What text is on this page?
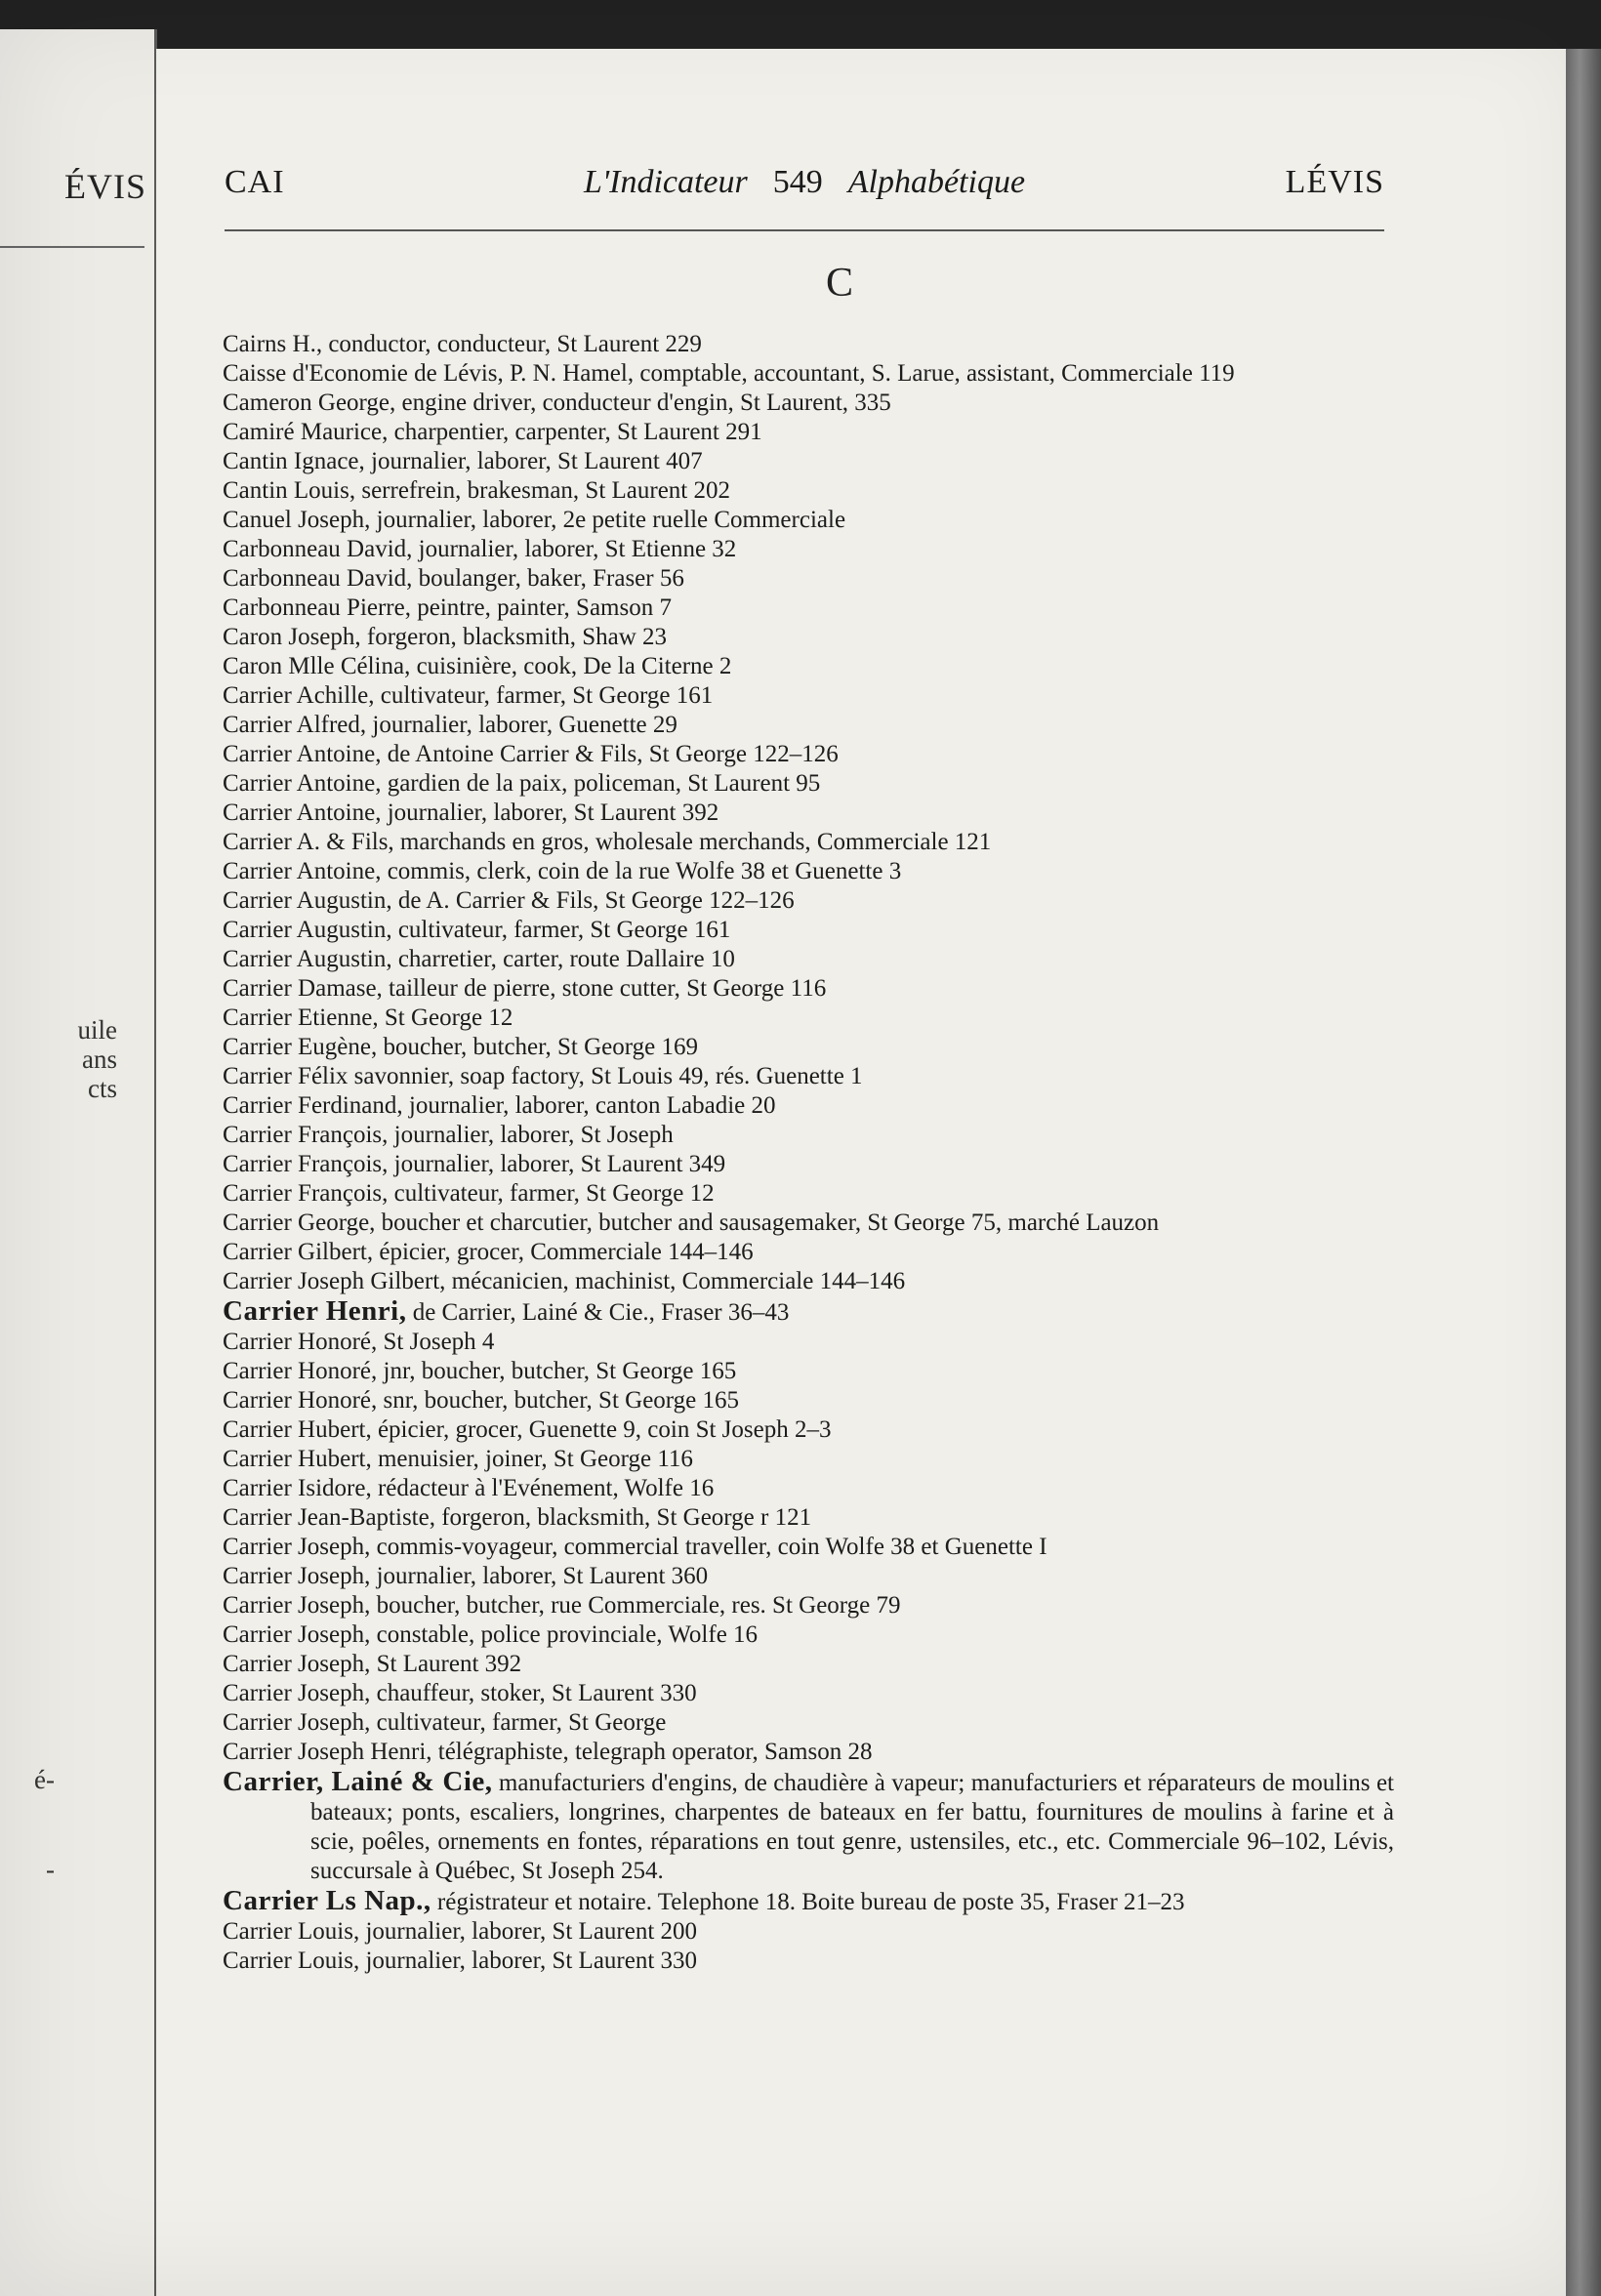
ÉVIS
uile
ans
cts
é-
-
CAI	L'Indicateur 549 Alphabétique	LÉVIS
C

Cairns H., conductor, conducteur, St Laurent 229

Caisse d'Economie de Lévis, P. N. Hamel, comptable, accountant, S. Larue, assistant, Commerciale 119

Cameron George, engine driver, conducteur d'engin, St Laurent, 335

Camiré Maurice, charpentier, carpenter, St Laurent 291

Cantin Ignace, journalier, laborer, St Laurent 407

Cantin Louis, serrefrein, brakesman, St Laurent 202

Canuel Joseph, journalier, laborer, 2e petite ruelle Commerciale

Carbonneau David, journalier, laborer, St Etienne 32

Carbonneau David, boulanger, baker, Fraser 56

Carbonneau Pierre, peintre, painter, Samson 7

Caron Joseph, forgeron, blacksmith, Shaw 23

Caron Mlle Célina, cuisinière, cook, De la Citerne 2

Carrier Achille, cultivateur, farmer, St George 161

Carrier Alfred, journalier, laborer, Guenette 29

Carrier Antoine, de Antoine Carrier & Fils, St George 122–126

Carrier Antoine, gardien de la paix, policeman, St Laurent 95

Carrier Antoine, journalier, laborer, St Laurent 392

Carrier A. & Fils, marchands en gros, wholesale merchands, Commerciale 121

Carrier Antoine, commis, clerk, coin de la rue Wolfe 38 et Guenette 3

Carrier Augustin, de A. Carrier & Fils, St George 122–126

Carrier Augustin, cultivateur, farmer, St George 161

Carrier Augustin, charretier, carter, route Dallaire 10

Carrier Damase, tailleur de pierre, stone cutter, St George 116

Carrier Etienne, St George 12

Carrier Eugène, boucher, butcher, St George 169

Carrier Félix savonnier, soap factory, St Louis 49, rés. Guenette 1

Carrier Ferdinand, journalier, laborer, canton Labadie 20

Carrier François, journalier, laborer, St Joseph

Carrier François, journalier, laborer, St Laurent 349

Carrier François, cultivateur, farmer, St George 12

Carrier George, boucher et charcutier, butcher and sausagemaker, St George 75, marché Lauzon

Carrier Gilbert, épicier, grocer, Commerciale 144–146

Carrier Joseph Gilbert, mécanicien, machinist, Commerciale 144–146

Carrier Henri, de Carrier, Lainé & Cie., Fraser 36–43

Carrier Honoré, St Joseph 4

Carrier Honoré, jnr, boucher, butcher, St George 165

Carrier Honoré, snr, boucher, butcher, St George 165

Carrier Hubert, épicier, grocer, Guenette 9, coin St Joseph 2–3

Carrier Hubert, menuisier, joiner, St George 116

Carrier Isidore, rédacteur à l'Evénement, Wolfe 16

Carrier Jean-Baptiste, forgeron, blacksmith, St George r 121

Carrier Joseph, commis-voyageur, commercial traveller, coin Wolfe 38 et Guenette I

Carrier Joseph, journalier, laborer, St Laurent 360

Carrier Joseph, boucher, butcher, rue Commerciale, res. St George 79

Carrier Joseph, constable, police provinciale, Wolfe 16

Carrier Joseph, St Laurent 392

Carrier Joseph, chauffeur, stoker, St Laurent 330

Carrier Joseph, cultivateur, farmer, St George

Carrier Joseph Henri, télégraphiste, telegraph operator, Samson 28

Carrier, Lainé & Cie, manufacturiers d'engins, de chaudière à vapeur; manufacturiers et réparateurs de moulins et bateaux; ponts, escaliers, longrines, charpentes de bateaux en fer battu, fournitures de moulins à farine et à scie, poêles, ornements en fontes, réparations en tout genre, ustensiles, etc., etc. Commerciale 96–102, Lévis, succursale à Québec, St Joseph 254.

Carrier Ls Nap., régistrateur et notaire. Telephone 18. Boite bureau de poste 35, Fraser 21–23

Carrier Louis, journalier, laborer, St Laurent 200

Carrier Louis, journalier, laborer, St Laurent 330
